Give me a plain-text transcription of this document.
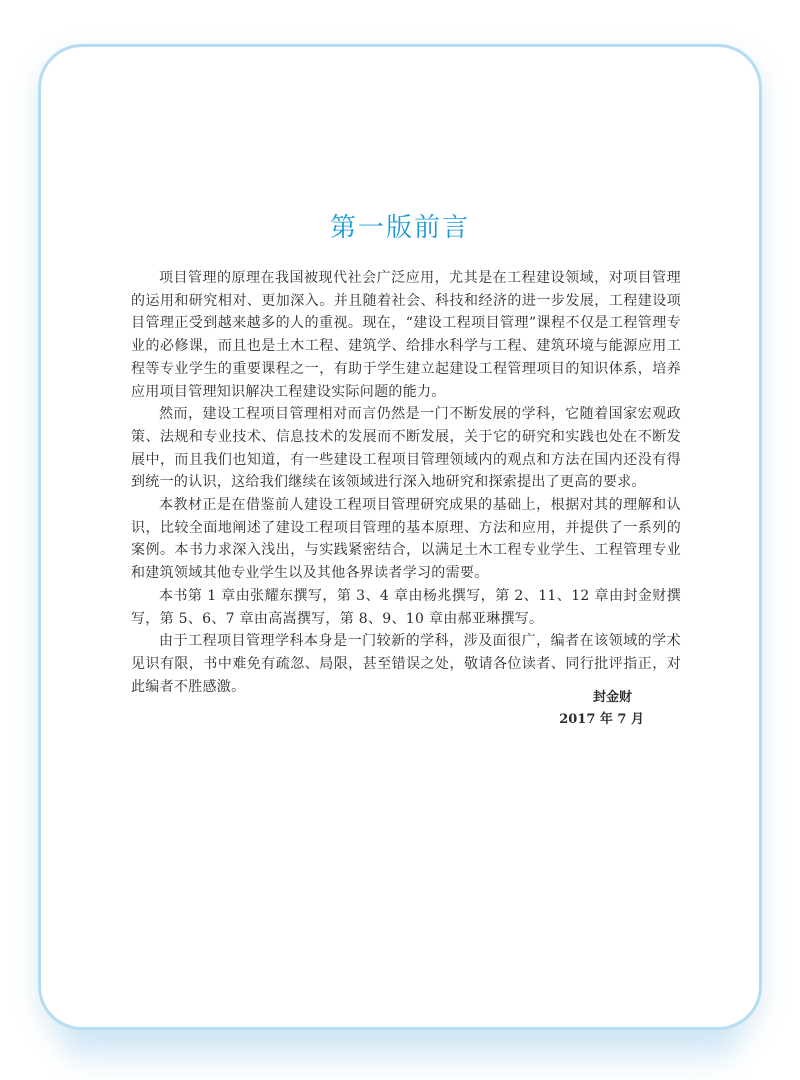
第一版前言

项目管理的原理在我国被现代社会广泛应用，尤其是在工程建设领域，对项目管理的运用和研究相对、更加深入。并且随着社会、科技和经济的进一步发展，工程建设项目管理正受到越来越多的人的重视。现在，“建设工程项目管理”课程不仅是工程管理专业的必修课，而且也是土木工程、建筑学、给排水科学与工程、建筑环境与能源应用工程等专业学生的重要课程之一，有助于学生建立起建设工程管理项目的知识体系，培养应用项目管理知识解决工程建设实际问题的能力。

然而，建设工程项目管理相对而言仍然是一门不断发展的学科，它随着国家宏观政策、法规和专业技术、信息技术的发展而不断发展，关于它的研究和实践也处在不断发展中，而且我们也知道，有一些建设工程项目管理领域内的观点和方法在国内还没有得到统一的认识，这给我们继续在该领域进行深入地研究和探索提出了更高的要求。

本教材正是在借鉴前人建设工程项目管理研究成果的基础上，根据对其的理解和认识，比较全面地阐述了建设工程项目管理的基本原理、方法和应用，并提供了一系列的案例。本书力求深入浅出，与实践紧密结合，以满足土木工程专业学生、工程管理专业和建筑领域其他专业学生以及其他各界读者学习的需要。

本书第 1 章由张耀东撰写，第 3、4 章由杨兆撰写，第 2、11、12 章由封金财撰写，第 5、6、7 章由高嵩撰写，第 8、9、10 章由郝亚琳撰写。

由于工程项目管理学科本身是一门较新的学科，涉及面很广，编者在该领域的学术见识有限，书中难免有疏忽、局限，甚至错误之处，敬请各位读者、同行批评指正，对此编者不胜感激。

封金财
2017 年 7 月
